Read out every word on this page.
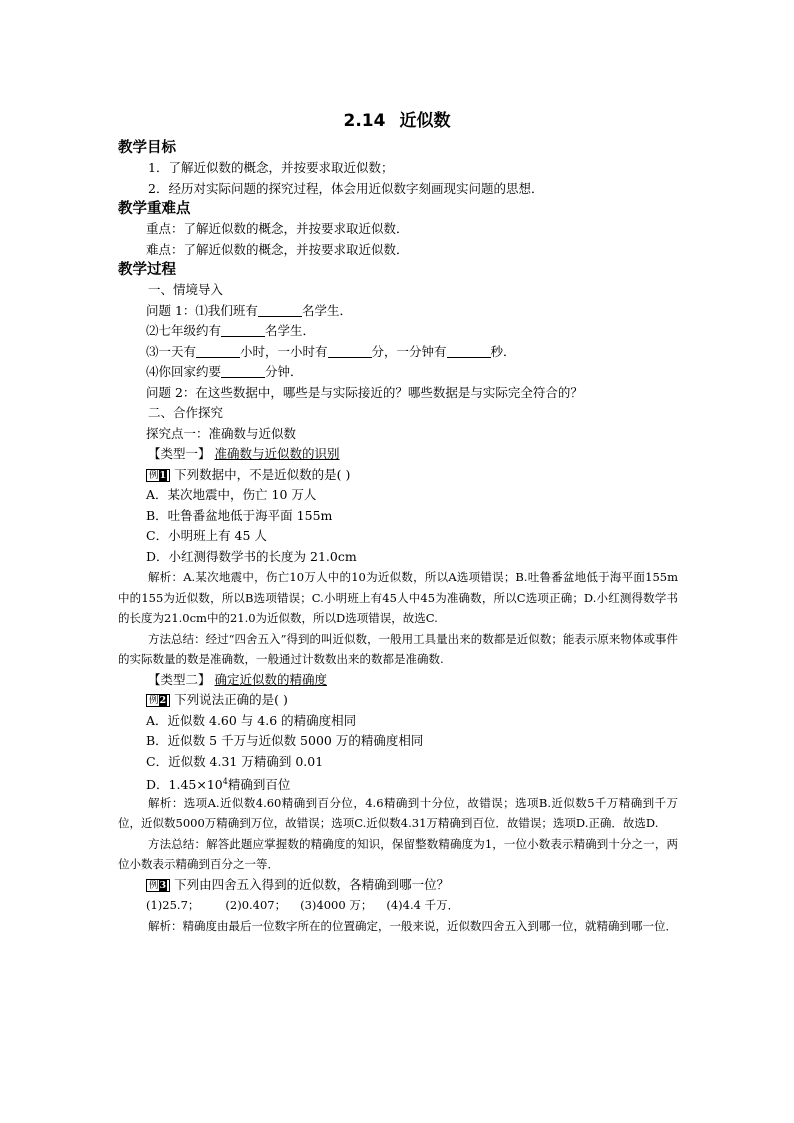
2.14 近似数
教学目标
1．了解近似数的概念，并按要求取近似数；
2．经历对实际问题的探究过程，体会用近似数字刻画现实问题的思想．
教学重难点
重点：了解近似数的概念，并按要求取近似数．
难点：了解近似数的概念，并按要求取近似数．
教学过程
一、情境导入
问题 1：⑴我们班有	名学生．
⑵七年级约有	名学生．
⑶一天有	小时，一小时有	分，一分钟有	秒．
⑷你回家约要	分钟．
问题 2：在这些数据中，哪些是与实际接近的？哪些数据是与实际完全符合的？
二、合作探究
探究点一：准确数与近似数
【类型一】 准确数与近似数的识别
例1 下列数据中，不是近似数的是( )
A．某次地震中，伤亡 10 万人
B．吐鲁番盆地低于海平面 155m
C．小明班上有 45 人
D．小红测得数学书的长度为 21.0cm
解析：A.某次地震中，伤亡10万人中的10为近似数，所以A选项错误；B.吐鲁番盆地低于海平面155m中的155为近似数，所以B选项错误；C.小明班上有45人中45为准确数，所以C选项正确；D.小红测得数学书的长度为21.0cm中的21.0为近似数，所以D选项错误，故选C.
方法总结：经过“四舍五入”得到的叫近似数，一般用工具量出来的数都是近似数；能表示原来物体或事件的实际数量的数是准确数，一般通过计数数出来的数都是准确数.
【类型二】 确定近似数的精确度
例2 下列说法正确的是( )
A．近似数 4.60 与 4.6 的精确度相同
B．近似数 5 千万与近似数 5000 万的精确度相同
C．近似数 4.31 万精确到 0.01
D．$1.45\times 10^4$精确到百位
解析：选项A.近似数4.60精确到百分位，4.6精确到十分位，故错误；选项B.近似数5千万精确到千万位，近似数5000万精确到万位，故错误；选项C.近似数4.31万精确到百位．故错误；选项D.正确．故选D.
方法总结：解答此题应掌握数的精确度的知识，保留整数精确度为1，一位小数表示精确到十分之一，两位小数表示精确到百分之一等．
例3 下列由四舍五入得到的近似数，各精确到哪一位？
(1)25.7； (2)0.407； (3)4000 万； (4)4.4 千万．
解析：精确度由最后一位数字所在的位置确定，一般来说，近似数四舍五入到哪一位，就精确到哪一位．
